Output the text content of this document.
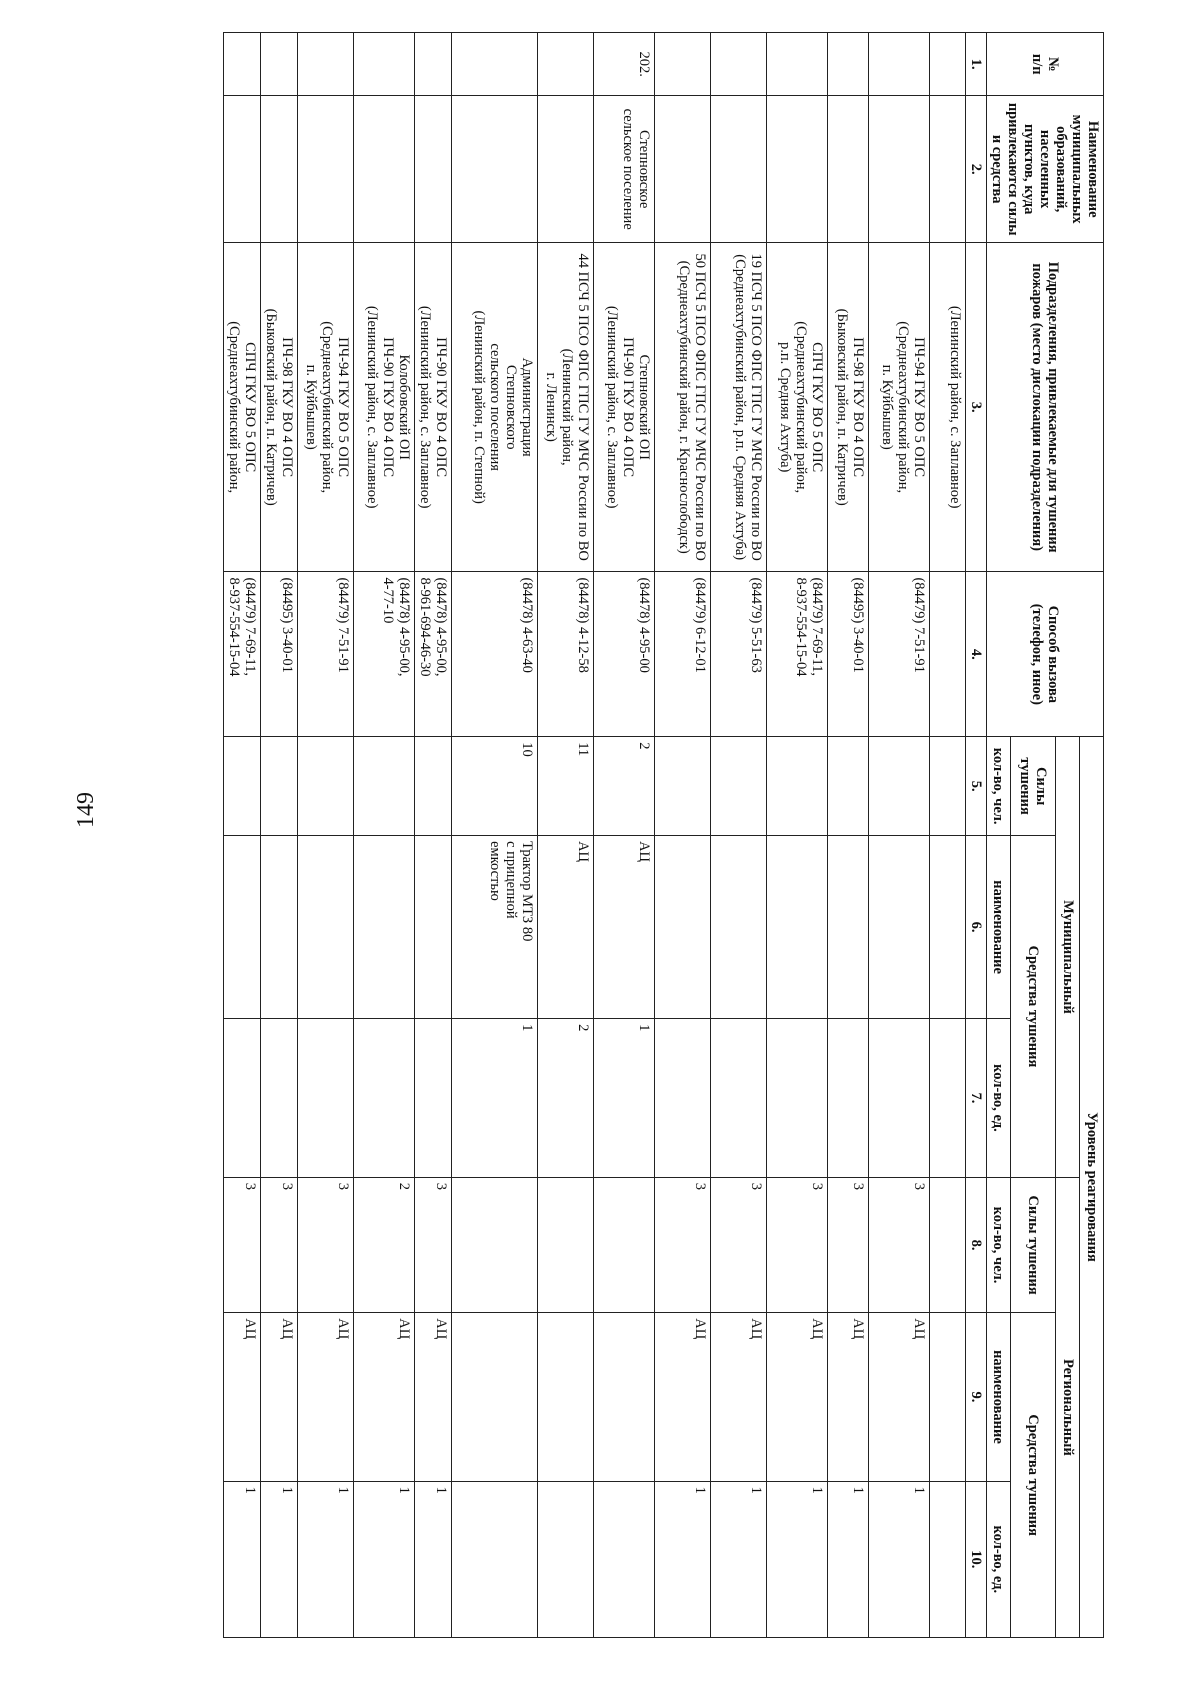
149
№
п/п	Наименование муниципальных образований, населенных пунктов, куда привлекаются силы и средства	Подразделения, привлекаемые для тушения пожаров (место дислокации подразделения)	Способ вызова (телефон, иное)	Уровень реагирования					
				Муниципальный			Региональный		
				Силы тушения	Средства тушения		Силы тушения	Средства тушения	
				кол-во, чел.	наименование	кол-во, ед.	кол-во, чел.	наименование	кол-во, ед.
1.	2.	3.	4.	5.	6.	7.	8.	9.	10.
		(Ленинский район, с. Заплавное)							
		ПЧ-94 ГКУ ВО 5 ОПС
(Среднеахтубинский район,
п. Куйбышев)	(84479) 7-51-91				3	АЦ	1
		ПЧ-98 ГКУ ВО 4 ОПС
(Быковский район, п. Катричев)	(84495) 3-40-01				3	АЦ	1
		СПЧ ГКУ ВО 5 ОПС
(Среднеахтубинский район,
р.п. Средняя Ахтуба)	(84479) 7-69-11,
8-937-554-15-04				3	АЦ	1
		19 ПСЧ 5 ПСО ФПС ГПС ГУ МЧС России по ВО (Среднеахтубинский район, р.п. Средняя Ахтуба)	(84479) 5-51-63				3	АЦ	1
		50 ПСЧ 5 ПСО ФПС ГПС ГУ МЧС России по ВО (Среднеахтубинский район, г. Краснослободск)	(84479) 6-12-01				3	АЦ	1
202.	Степновское
сельское поселение	Степновский ОП
ПЧ-90 ГКУ ВО 4 ОПС
(Ленинский район, с. Заплавное)	(84478) 4-95-00	2	АЦ	1			
		44 ПСЧ 5 ПСО ФПС ГПС ГУ МЧС России по ВО (Ленинский район,
г. Ленинск)	(84478) 4-12-58	11	АЦ	2			
		Администрация
Степновского
сельского поселения
(Ленинский район, п. Степной)	(84478) 4-63-40	10	Трактор МТЗ 80
с прицепной
емкостью	1			
		ПЧ-90 ГКУ ВО 4 ОПС
(Ленинский район, с. Заплавное)	(84478) 4-95-00,
8-961-694-46-30				3	АЦ	1
		Колобовский ОП
ПЧ-90 ГКУ ВО 4 ОПС
(Ленинский район, с. Заплавное)	(84478) 4-95-00,
4-77-10				2	АЦ	1
		ПЧ-94 ГКУ ВО 5 ОПС
(Среднеахтубинский район,
п. Куйбышев)	(84479) 7-51-91				3	АЦ	1
		ПЧ-98 ГКУ ВО 4 ОПС
(Быковский район, п. Катричев)	(84495) 3-40-01				3	АЦ	1
		СПЧ ГКУ ВО 5 ОПС
(Среднеахтубинский район,	(84479) 7-69-11,
8-937-554-15-04				3	АЦ	1
